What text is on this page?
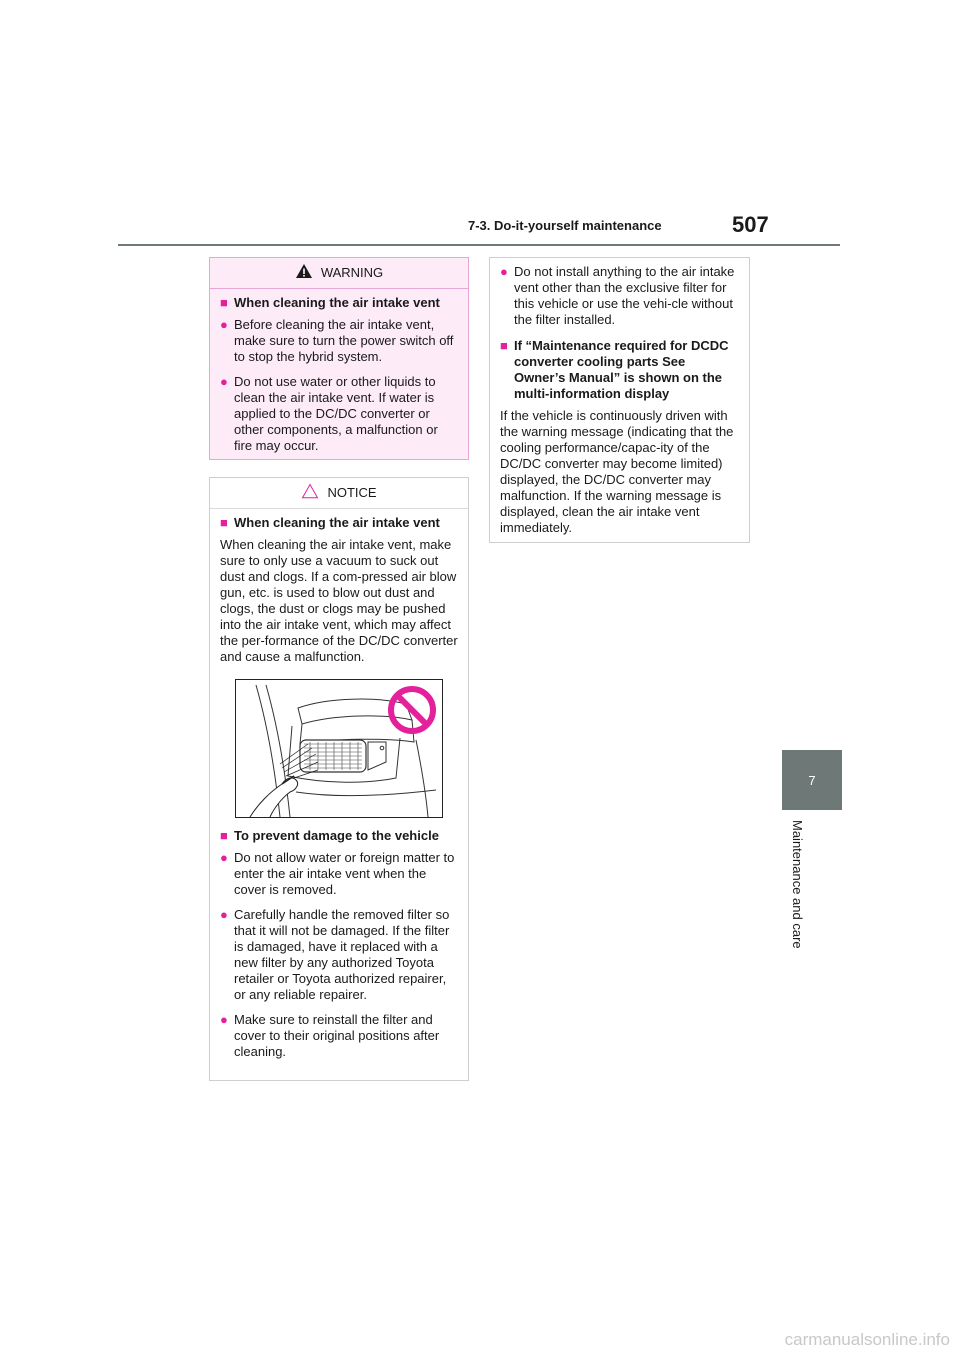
7-3. Do-it-yourself maintenance	507
7
Maintenance and care
WARNING
■ When cleaning the air intake vent
● Before cleaning the air intake vent, make sure to turn the power switch off to stop the hybrid system.
● Do not use water or other liquids to clean the air intake vent. If water is applied to the DC/DC converter or other components, a malfunction or fire may occur.
NOTICE
■ When cleaning the air intake vent
When cleaning the air intake vent, make sure to only use a vacuum to suck out dust and clogs. If a com-pressed air blow gun, etc. is used to blow out dust and clogs, the dust or clogs may be pushed into the air intake vent, which may affect the per-formance of the DC/DC converter and cause a malfunction.
■ To prevent damage to the vehicle
● Do not allow water or foreign matter to enter the air intake vent when the cover is removed.
● Carefully handle the removed filter so that it will not be damaged. If the filter is damaged, have it replaced with a new filter by any authorized Toyota retailer or Toyota authorized repairer, or any reliable repairer.
● Make sure to reinstall the filter and cover to their original positions after cleaning.
● Do not install anything to the air intake vent other than the exclusive filter for this vehicle or use the vehi-cle without the filter installed.
■ If “Maintenance required for DCDC converter cooling parts See Owner’s Manual” is shown on the multi-information display
If the vehicle is continuously driven with the warning message (indicating that the cooling performance/capac-ity of the DC/DC converter may become limited) displayed, the DC/DC converter may malfunction. If the warning message is displayed, clean the air intake vent immediately.
carmanualsonline.info
